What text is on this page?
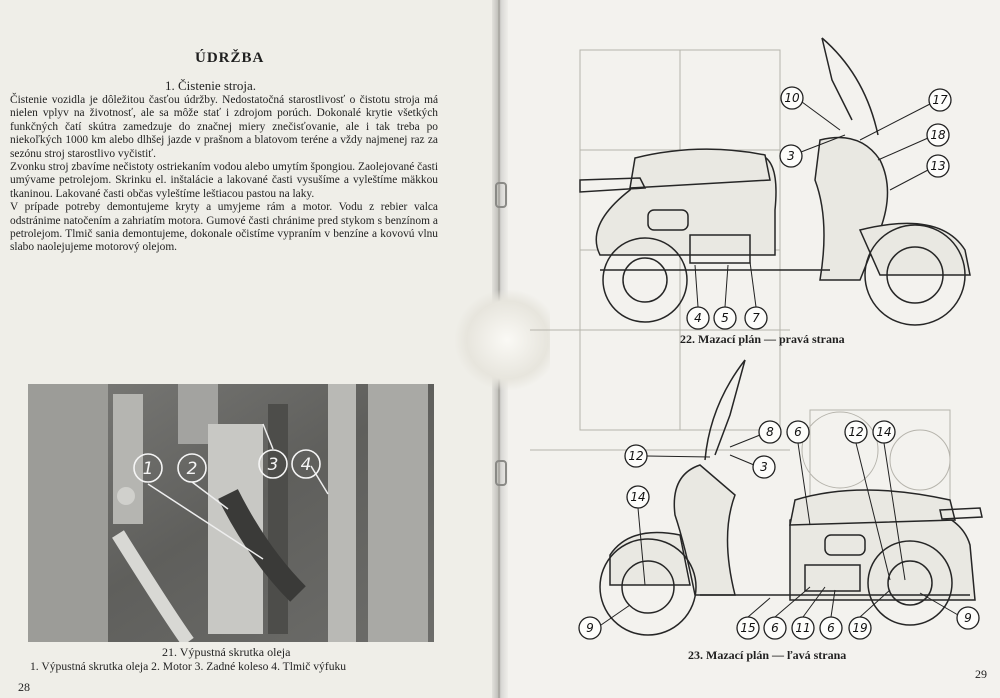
ÚDRŽBA
1. Čistenie stroja.

Čistenie vozidla je dôležitou časťou údržby. Nedostatočná starostlivosť o čistotu stroja má nielen vplyv na životnosť, ale sa môže stať i zdrojom porúch. Dokonalé krytie všetkých funkčných čatí skútra zamedzuje do značnej miery znečisťovanie, ale i tak treba po niekoľkých 1000 km alebo dlhšej jazde v prašnom a blatovom teréne a vždy najmenej raz za sezónu stroj starostlivo vyčistiť.

Zvonku stroj zbavíme nečistoty ostriekaním vodou alebo umytím špongiou. Zaolejované časti umývame petrolejom. Skrinku el. inštalácie a lakované časti vysušíme a vyleštíme mäkkou tkaninou. Lakované časti občas vyleštíme leštiacou pastou na laky.

V prípade potreby demontujeme kryty a umyjeme rám a motor. Vodu z rebier valca odstránime natočením a zahriatím motora. Gumové časti chránime pred stykom s benzínom a petrolejom. Tlmič sania demontujeme, dokonale očistíme vypraním v benzíne a kovovú vlnu slabo naolejujeme motorový olejom.

1 2	3 4
21. Výpustná skrutka oleja
1. Výpustná skrutka oleja 2. Motor 3. Zadné koleso 4. Tlmič výfuku
28
10	17
3
18
13
4 5 7
22. Mazací plán — pravá strana
8 6	12 14
12
3
14
9	15 6 11 6 19
9
23. Mazací plán — ľavá strana
29
